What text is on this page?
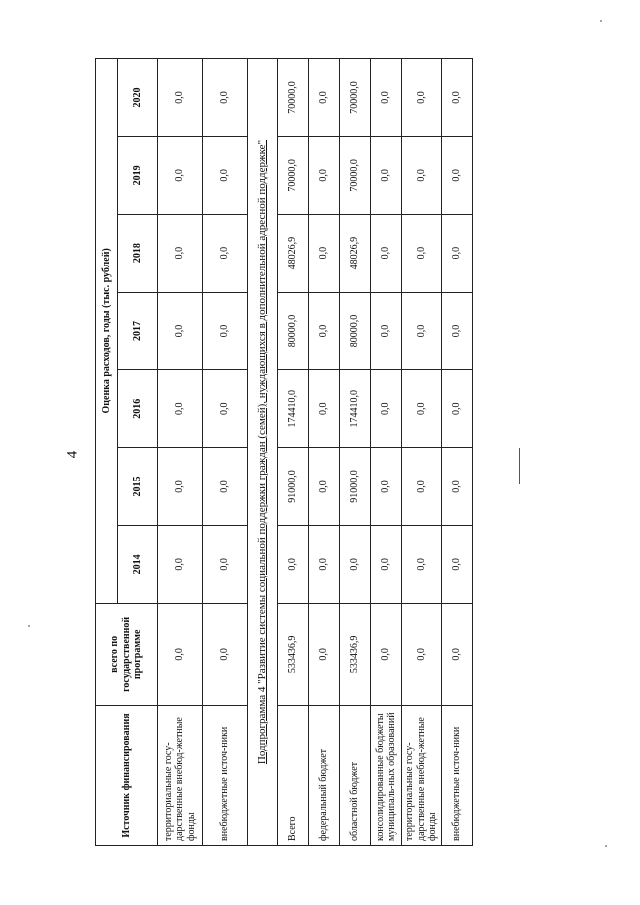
4
Источник финансирования	всего по государственной программе	Оценка расходов, годы (тыс. рублей)						
		2014	2015	2016	2017	2018	2019	2020
территориальные госу-дарственные внебюд-жетные фонды	0,0	0,0	0,0	0,0	0,0	0,0	0,0	0,0
внебюджетные источ-ники	0,0	0,0	0,0	0,0	0,0	0,0	0,0	0,0
Подпрограмма 4 "Развитие системы социальной поддержки граждан (семей), нуждающихся в дополнительной адресной поддержке"								
Всего	533436,9	0,0	91000,0	174410,0	80000,0	48026,9	70000,0	70000,0
федеральный бюджет	0,0	0,0	0,0	0,0	0,0	0,0	0,0	0,0
областной бюджет	533436,9	0,0	91000,0	174410,0	80000,0	48026,9	70000,0	70000,0
консолидированные бюджеты муниципаль-ных образований	0,0	0,0	0,0	0,0	0,0	0,0	0,0	0,0
территориальные госу-дарственные внебюд-жетные фонды	0,0	0,0	0,0	0,0	0,0	0,0	0,0	0,0
внебюджетные источ-ники	0,0	0,0	0,0	0,0	0,0	0,0	0,0	0,0
